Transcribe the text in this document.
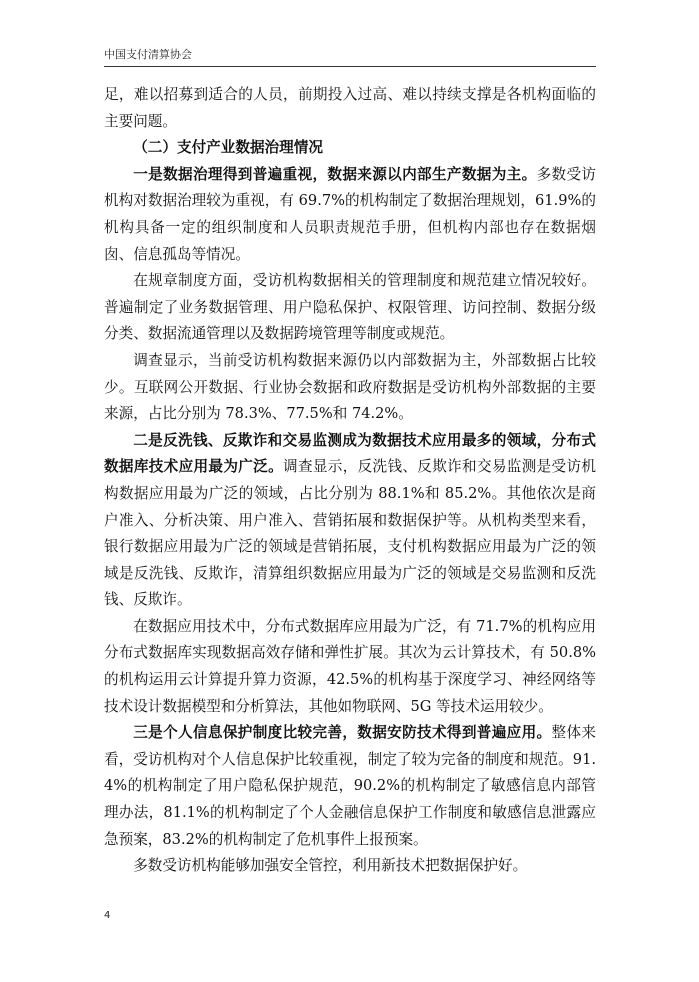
中国支付清算协会

足，难以招募到适合的人员，前期投入过高、难以持续支撑是各机构面临的主要问题。

（二）支付产业数据治理情况

一是数据治理得到普遍重视，数据来源以内部生产数据为主。多数受访机构对数据治理较为重视，有 69.7%的机构制定了数据治理规划，61.9%的机构具备一定的组织制度和人员职责规范手册，但机构内部也存在数据烟囱、信息孤岛等情况。

在规章制度方面，受访机构数据相关的管理制度和规范建立情况较好。普遍制定了业务数据管理、用户隐私保护、权限管理、访问控制、数据分级分类、数据流通管理以及数据跨境管理等制度或规范。

调查显示，当前受访机构数据来源仍以内部数据为主，外部数据占比较少。互联网公开数据、行业协会数据和政府数据是受访机构外部数据的主要来源，占比分别为 78.3%、77.5%和 74.2%。

二是反洗钱、反欺诈和交易监测成为数据技术应用最多的领域，分布式数据库技术应用最为广泛。调查显示，反洗钱、反欺诈和交易监测是受访机构数据应用最为广泛的领域，占比分别为 88.1%和 85.2%。其他依次是商户准入、分析决策、用户准入、营销拓展和数据保护等。从机构类型来看，银行数据应用最为广泛的领域是营销拓展，支付机构数据应用最为广泛的领域是反洗钱、反欺诈，清算组织数据应用最为广泛的领域是交易监测和反洗钱、反欺诈。

在数据应用技术中，分布式数据库应用最为广泛，有 71.7%的机构应用分布式数据库实现数据高效存储和弹性扩展。其次为云计算技术，有 50.8%的机构运用云计算提升算力资源，42.5%的机构基于深度学习、神经网络等技术设计数据模型和分析算法，其他如物联网、5G 等技术运用较少。

三是个人信息保护制度比较完善，数据安防技术得到普遍应用。整体来看，受访机构对个人信息保护比较重视，制定了较为完备的制度和规范。91.4%的机构制定了用户隐私保护规范，90.2%的机构制定了敏感信息内部管理办法，81.1%的机构制定了个人金融信息保护工作制度和敏感信息泄露应急预案，83.2%的机构制定了危机事件上报预案。

多数受访机构能够加强安全管控，利用新技术把数据保护好。

4
